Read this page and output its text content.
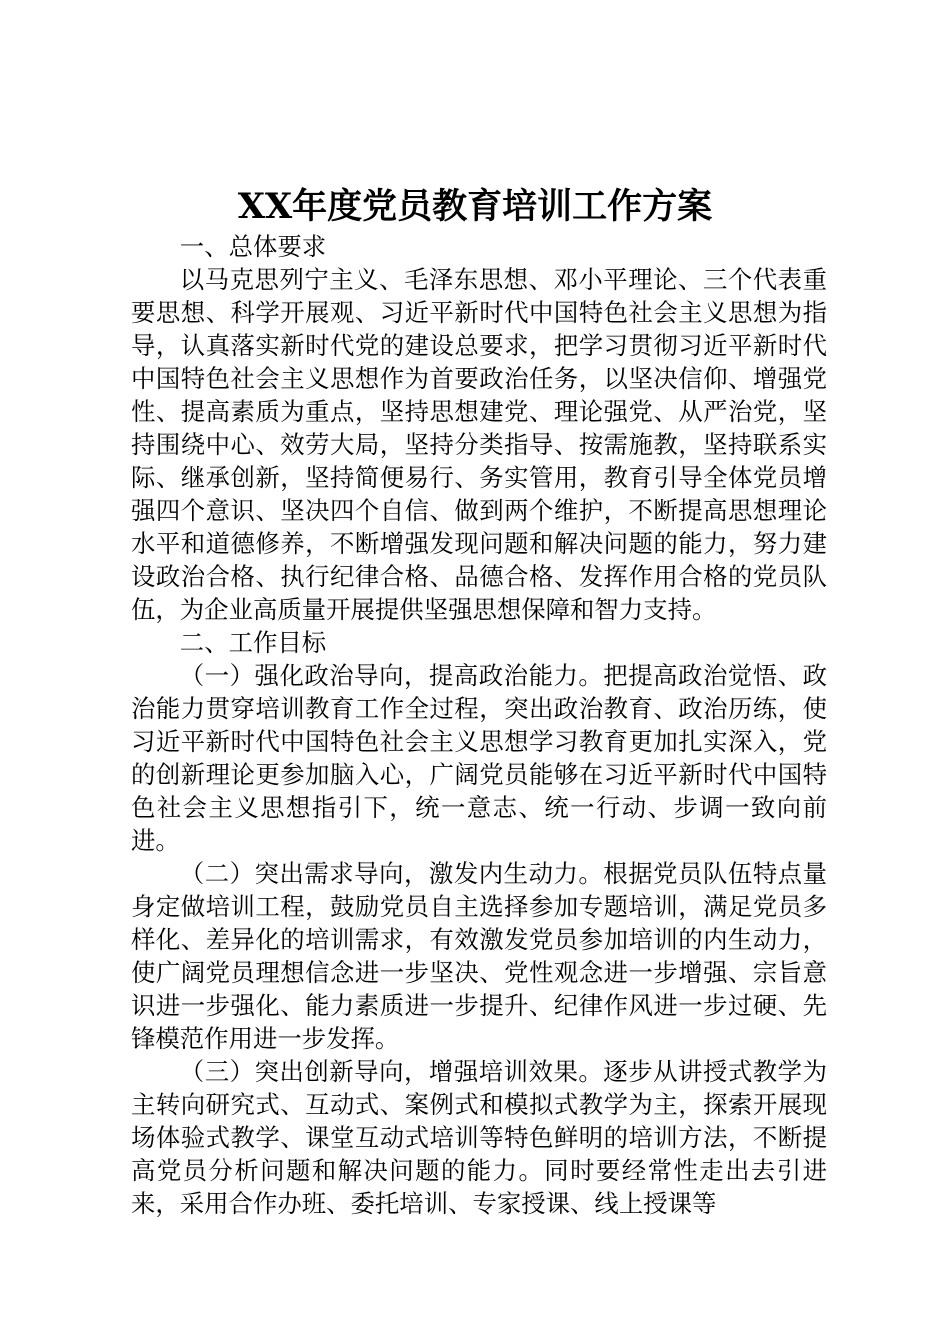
XX年度党员教育培训工作方案

一、总体要求

以马克思列宁主义、毛泽东思想、邓小平理论、三个代表重要思想、科学开展观、习近平新时代中国特色社会主义思想为指导，认真落实新时代党的建设总要求，把学习贯彻习近平新时代中国特色社会主义思想作为首要政治任务，以坚决信仰、增强党性、提高素质为重点，坚持思想建党、理论强党、从严治党，坚持围绕中心、效劳大局，坚持分类指导、按需施教，坚持联系实际、继承创新，坚持简便易行、务实管用，教育引导全体党员增强四个意识、坚决四个自信、做到两个维护，不断提高思想理论水平和道德修养，不断增强发现问题和解决问题的能力，努力建设政治合格、执行纪律合格、品德合格、发挥作用合格的党员队伍，为企业高质量开展提供坚强思想保障和智力支持。

二、工作目标

（一）强化政治导向，提高政治能力。把提高政治觉悟、政治能力贯穿培训教育工作全过程，突出政治教育、政治历练，使习近平新时代中国特色社会主义思想学习教育更加扎实深入，党的创新理论更参加脑入心，广阔党员能够在习近平新时代中国特色社会主义思想指引下，统一意志、统一行动、步调一致向前进。

（二）突出需求导向，激发内生动力。根据党员队伍特点量身定做培训工程，鼓励党员自主选择参加专题培训，满足党员多样化、差异化的培训需求，有效激发党员参加培训的内生动力，使广阔党员理想信念进一步坚决、党性观念进一步增强、宗旨意识进一步强化、能力素质进一步提升、纪律作风进一步过硬、先锋模范作用进一步发挥。

（三）突出创新导向，增强培训效果。逐步从讲授式教学为主转向研究式、互动式、案例式和模拟式教学为主，探索开展现场体验式教学、课堂互动式培训等特色鲜明的培训方法，不断提高党员分析问题和解决问题的能力。同时要经常性走出去引进来，采用合作办班、委托培训、专家授课、线上授课等
